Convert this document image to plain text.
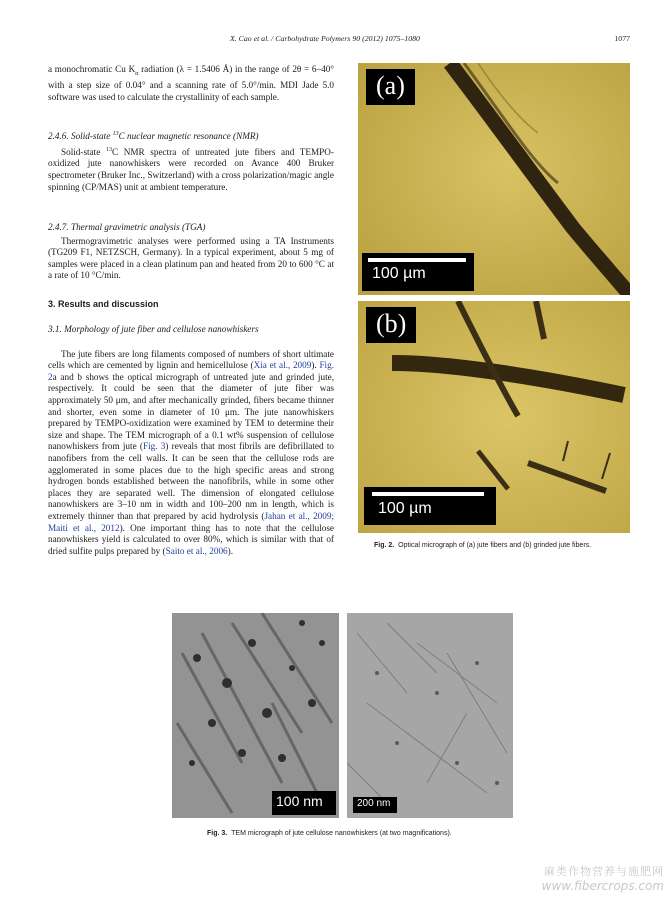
X. Cao et al. / Carbohydrate Polymers 90 (2012) 1075–1080	1077

a monochromatic Cu $K_\alpha$ radiation (λ = 1.5406 Å) in the range of 2θ = 6–40° with a step size of 0.04° and a scanning rate of 5.0°/min. MDI Jade 5.0 software was used to calculate the crystallinity of each sample.

2.4.6. Solid-state $^{13}$C nuclear magnetic resonance (NMR)

Solid-state $^{13}$C NMR spectra of untreated jute fibers and TEMPO-oxidized jute nanowhiskers were recorded on Avance 400 Bruker spectrometer (Bruker Inc., Switzerland) with a cross polarization/magic angle spinning (CP/MAS) unit at ambient temperature.

2.4.7. Thermal gravimetric analysis (TGA)

Thermogravimetric analyses were performed using a TA Instruments (TG209 F1, NETZSCH, Germany). In a typical experiment, about 5 mg of samples were placed in a clean platinum pan and heated from 20 to 600 °C at a rate of 10 °C/min.

3. Results and discussion

3.1. Morphology of jute fiber and cellulose nanowhiskers

The jute fibers are long filaments composed of numbers of short ultimate cells which are cemented by lignin and hemicellulose (Xia et al., 2009). Fig. 2a and b shows the optical micrograph of untreated jute and grinded jute, respectively. It could be seen that the diameter of jute fiber was approximately 50 μm, and after mechanically grinded, fibers became thinner and shorter, even some in diameter of 10 μm. The jute nanowhiskers prepared by TEMPO-oxidization were examined by TEM to determine their size and shape. The TEM micrograph of a 0.1 wt% suspension of cellulose nanowhiskers from jute (Fig. 3) reveals that most fibrils are defibrillated to nanofibers from the cell walls. It can be seen that the cellulose rods are agglomerated in some places due to the high specific areas and strong hydrogen bonds established between the nanofibrils, while in some other places they are separated well. The dimension of elongated cellulose nanowhiskers are 3–10 nm in width and 100–200 nm in length, which is extremely thinner than that prepared by acid hydrolysis (Jahan et al., 2009; Maiti et al., 2012). One important thing has to note that the cellulose nanowhiskers yield is calculated to over 80%, which is similar with that of dried sulfite pulps prepared by (Saito et al., 2006).

(a)
100 µm
(b)
100 µm
Fig. 2. Optical micrograph of (a) jute fibers and (b) grinded jute fibers.
100 nm	200 nm
Fig. 3. TEM micrograph of jute cellulose nanowhiskers (at two magnifications).
麻类作物营养与施肥网
www.fibercrops.com
